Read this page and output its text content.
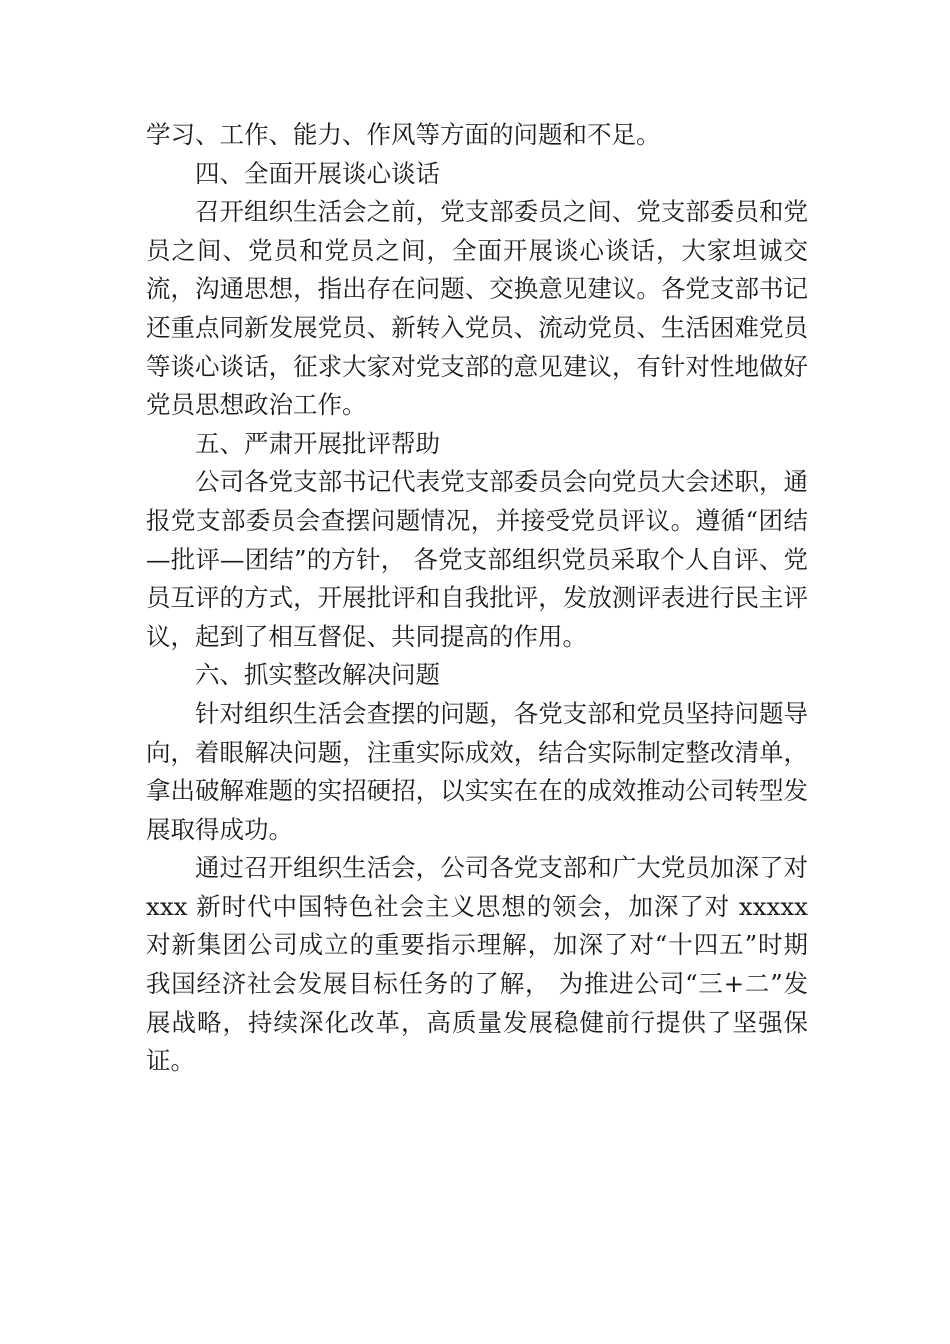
学习、工作、能力、作风等方面的问题和不足。

四、全面开展谈心谈话

召开组织生活会之前，党支部委员之间、党支部委员和党员之间、党员和党员之间，全面开展谈心谈话，大家坦诚交流，沟通思想，指出存在问题、交换意见建议。各党支部书记还重点同新发展党员、新转入党员、流动党员、生活困难党员等谈心谈话，征求大家对党支部的意见建议，有针对性地做好党员思想政治工作。

五、严肃开展批评帮助

公司各党支部书记代表党支部委员会向党员大会述职，通报党支部委员会查摆问题情况，并接受党员评议。遵循“团结—批评—团结”的方针， 各党支部组织党员采取个人自评、党员互评的方式，开展批评和自我批评，发放测评表进行民主评议，起到了相互督促、共同提高的作用。

六、抓实整改解决问题

针对组织生活会查摆的问题，各党支部和党员坚持问题导向，着眼解决问题，注重实际成效，结合实际制定整改清单，拿出破解难题的实招硬招，以实实在在的成效推动公司转型发展取得成功。

通过召开组织生活会，公司各党支部和广大党员加深了对 xxx 新时代中国特色社会主义思想的领会，加深了对 xxxxx 对新集团公司成立的重要指示理解，加深了对“十四五”时期我国经济社会发展目标任务的了解， 为推进公司“三+二”发展战略，持续深化改革，高质量发展稳健前行提供了坚强保证。
